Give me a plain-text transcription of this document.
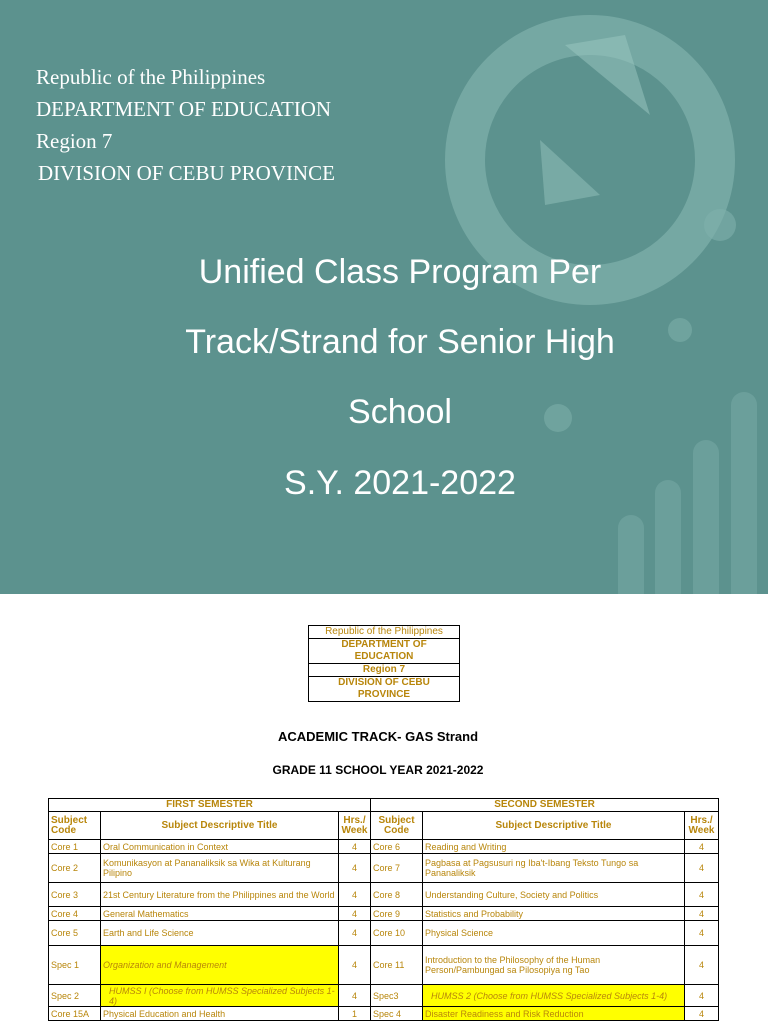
Republic of the Philippines
DEPARTMENT OF EDUCATION
Region 7
DIVISION OF CEBU PROVINCE
Unified Class Program Per
Track/Strand for Senior High
School
S.Y. 2021-2022
Republic of the Philippines
DEPARTMENT OF EDUCATION
Region 7
DIVISION OF CEBU PROVINCE
ACADEMIC TRACK- GAS Strand
GRADE 11 SCHOOL YEAR 2021-2022
FIRST SEMESTER			SECOND SEMESTER		
Subject Code	Subject Descriptive Title	Hrs./ Week	Subject Code	Subject Descriptive Title	Hrs./ Week
Core 1	Oral Communication in Context	4	Core 6	Reading and Writing	4
Core 2	Komunikasyon at Pananaliksik sa Wika at Kulturang Pilipino	4	Core 7	Pagbasa at Pagsusuri ng Iba't-Ibang Teksto Tungo sa Pananaliksik	4
Core 3	21st Century Literature from the Philippines and the World	4	Core 8	Understanding Culture, Society and Politics	4
Core 4	General Mathematics	4	Core 9	Statistics and Probability	4
Core 5	Earth and Life Science	4	Core 10	Physical Science	4
Spec 1	Organization and Management	4	Core 11	Introduction to the Philosophy of the Human Person/Pambungad sa Pilosopiya ng Tao	4
Spec 2	HUMSS I (Choose from HUMSS Specialized Subjects 1-4)	4	Spec3	HUMSS 2 (Choose from HUMSS Specialized Subjects 1-4)	4
Core 15A	Physical Education and Health	1	Spec 4	Disaster Readiness and Risk Reduction	4
